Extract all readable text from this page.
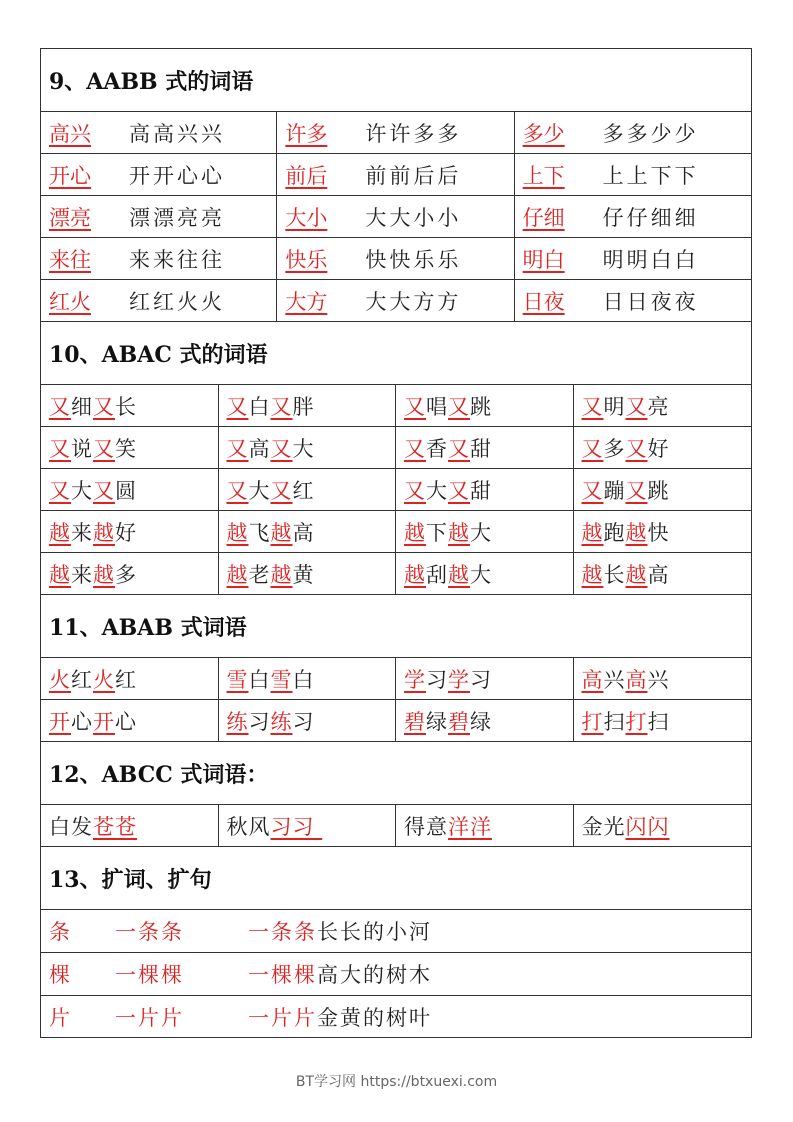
9、AABB 式的词语
高兴	高高兴兴	许多	许许多多	多少	多多少少
开心	开开心心	前后	前前后后	上下	上上下下
漂亮	漂漂亮亮	大小	大大小小	仔细	仔仔细细
来往	来来往往	快乐	快快乐乐	明白	明明白白
红火	红红火火	大方	大大方方	日夜	日日夜夜
10、ABAC 式的词语
又 细 又 长	又 白 又 胖	又 唱 又 跳	又 明 又 亮
又 说 又 笑	又 高 又 大	又 香 又 甜	又 多 又 好
又 大 又 圆	又 大 又 红	又 大 又 甜	又 蹦 又 跳
越 来 越 好	越 飞 越 高	越 下 越 大	越 跑 越 快
越 来 越 多	越 老 越 黄	越 刮 越 大	越 长 越 高
11、ABAB 式词语
火 红 火 红	雪 白 雪 白	学 习 学 习	高 兴 高 兴
开 心 开 心	练 习 练 习	碧 绿 碧 绿	打 扫 打 扫
12、ABCC 式词语：
白发 苍苍	秋风 习习	得意 洋洋	金光 闪闪
13、扩词、扩句
条	一条条	一条条 长长的小河
棵	一棵棵	一棵棵 高大的树木
片	一片片	一片片 金黄的树叶
BT学习网 https://btxuexi.com
